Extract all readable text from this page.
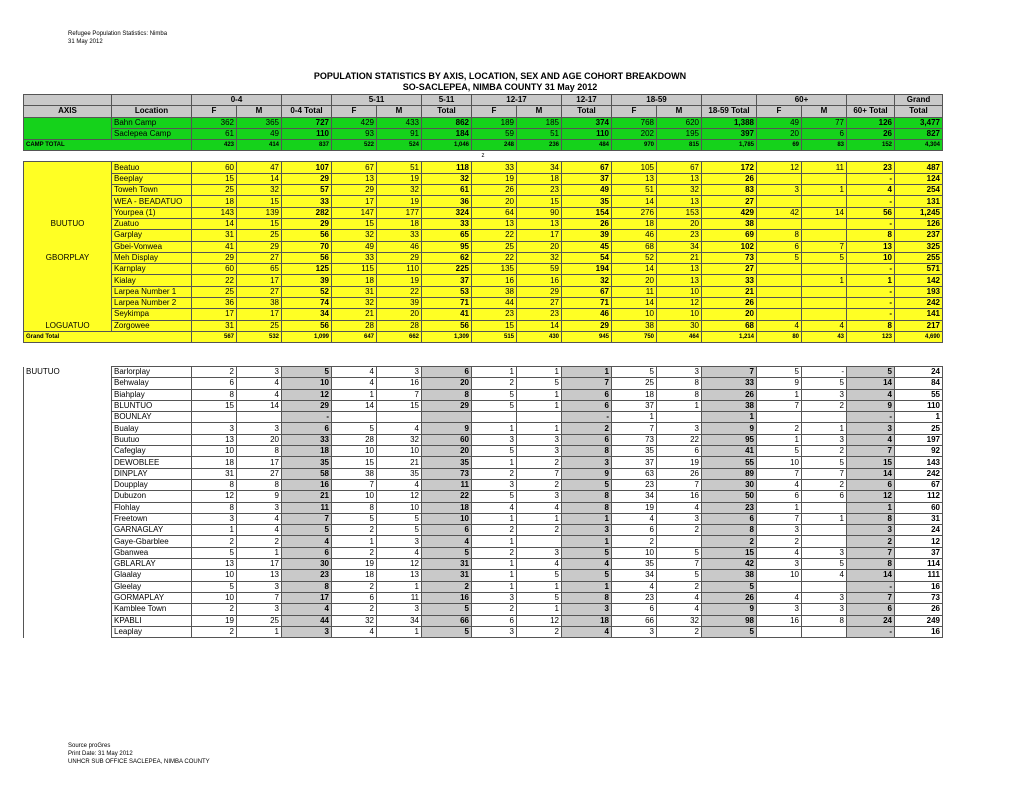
Refugee Population Statistics: Nimba
31 May 2012
POPULATION STATISTICS BY AXIS, LOCATION, SEX AND AGE COHORT BREAKDOWN
SO-SACLEPEA, NIMBA COUNTY 31 May 2012
		0-4			5-11		5-11	12-17		12-17	18-59			60+			Grand
AXIS	Location	F	M	0-4 Total	F	M	Total	F	M	Total	F	M	18-59 Total	F	M	60+ Total	Total
	Bahn Camp	362	365	727	429	433	862	189	185	374	768	620	1,388	49	77	126	3,477
	Saclepea Camp	61	49	110	93	91	184	59	51	110	202	195	397	20	6	26	827
CAMP TOTAL		423	414	837	522	524	1,046	248	236	484	970	815	1,785	69	83	152	4,304
z																	
	Beatuo	60	47	107	67	51	118	33	34	67	105	67	172	12	11	23	487
	Beeplay	15	14	29	13	19	32	19	18	37	13	13	26			-	124
	Toweh Town	25	32	57	29	32	61	26	23	49	51	32	83	3	1	4	254
	WEA - BEADATUO	18	15	33	17	19	36	20	15	35	14	13	27			-	131
	Yourpea (1)	143	139	282	147	177	324	64	90	154	276	153	429	42	14	56	1,245
BUUTUO	Zuatuo	14	15	29	15	18	33	13	13	26	18	20	38			-	126
	Garplay	31	25	56	32	33	65	22	17	39	46	23	69	8		8	237
	Gbei-Vonwea	41	29	70	49	46	95	25	20	45	68	34	102	6	7	13	325
GBORPLAY	Meh Display	29	27	56	33	29	62	22	32	54	52	21	73	5	5	10	255
	Karnplay	60	65	125	115	110	225	135	59	194	14	13	27			-	571
	Kialay	22	17	39	18	19	37	16	16	32	20	13	33		1	1	142
	Larpea Number 1	25	27	52	31	22	53	38	29	67	11	10	21			-	193
	Larpea Number 2	36	38	74	32	39	71	44	27	71	14	12	26			-	242
	Seykimpa	17	17	34	21	20	41	23	23	46	10	10	20			-	141
LOGUATUO	Zorgowee	31	25	56	28	28	56	15	14	29	38	30	68	4	4	8	217
Grand Total		567	532	1,099	647	662	1,309	515	430	945	750	464	1,214	80	43	123	4,690
BUUTUO	Barlorplay	2	3	5	4	3	6	1	1	1	5	3	7	5	-	5	24
	Behwalay	6	4	10	4	16	20	2	5	7	25	8	33	9	5	14	84
	Biahplay	8	4	12	1	7	8	5	1	6	18	8	26	1	3	4	55
	BLUNTUO	15	14	29	14	15	29	5	1	6	37	1	38	7	2	9	110
	BOUNLAY			-						-	1		1			-	1
	Bualay	3	3	6	5	4	9	1	1	2	7	3	9	2	1	3	25
	Buutuo	13	20	33	28	32	60	3	3	6	73	22	95	1	3	4	197
	Cafeglay	10	8	18	10	10	20	5	3	8	35	6	41	5	2	7	92
	DEWOBLEE	18	17	35	15	21	35	1	2	3	37	19	55	10	5	15	143
	DINPLAY	31	27	58	38	35	73	2	7	9	63	26	89	7	7	14	242
	Doupplay	8	8	16	7	4	11	3	2	5	23	7	30	4	2	6	67
	Dubuzon	12	9	21	10	12	22	5	3	8	34	16	50	6	6	12	112
	Flohlay	8	3	11	8	10	18	4	4	8	19	4	23	1		1	60
	Freetown	3	4	7	5	5	10	1	1	1	4	3	6	7	1	8	31
	GARNAGLAY	1	4	5	2	5	6	2	2	3	6	2	8	3		3	24
	Gaye-Gbarblee	2	2	4	1	3	4	1		1	2		2	2		2	12
	Gbanwea	5	1	6	2	4	5	2	3	5	10	5	15	4	3	7	37
	GBLARLAY	13	17	30	19	12	31	1	4	4	35	7	42	3	5	8	114
	Glaalay	10	13	23	18	13	31	1	5	5	34	5	38	10	4	14	111
	Gleelay	5	3	8	2	1	2	1	1	1	4	2	5			-	16
	GORMAPLAY	10	7	17	6	11	16	3	5	8	23	4	26	4	3	7	73
	Kamblee Town	2	3	4	2	3	5	2	1	3	6	4	9	3	3	6	26
	KPABLI	19	25	44	32	34	66	6	12	18	66	32	98	16	8	24	249
	Leaplay	2	1	3	4	1	5	3	2	4	3	2	5			-	16
Source proGres
Print Date: 31 May 2012
UNHCR SUB OFFICE SACLEPEA, NIMBA COUNTY
